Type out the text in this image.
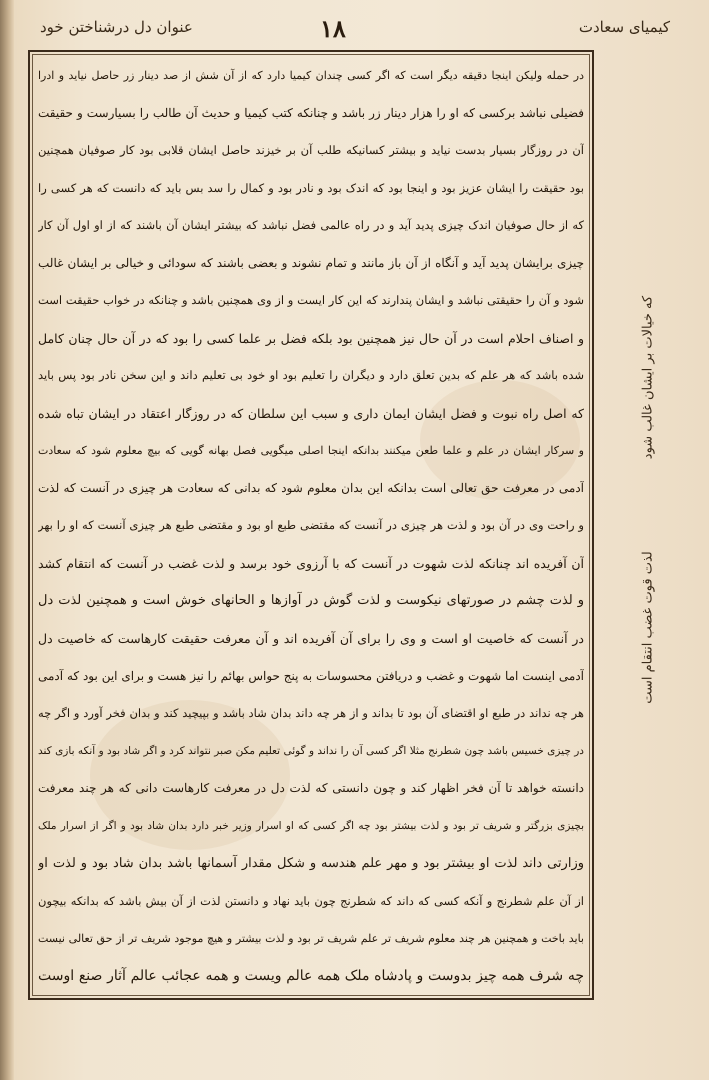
عنوان دل درشناختن خود	۱۸	کیمیای سعادت
در حمله ولیکن اینجا دقیقه دیگر است که اگر کسی چندان کیمیا دارد که از آن شش از صد دینار زر حاصل نیاید و ادرا
فضیلی نباشد برکسی که او را هزار دینار زر باشد و چنانکه کتب کیمیا و حدیث آن طالب را بسیارست و حقیقت
آن در روزگار بسیار بدست نیاید و بیشتر کسانیکه طلب آن بر خیزند حاصل ایشان قلابی بود کار صوفیان همچنین
بود حقیقت را ایشان عزیز بود و اینجا بود که اندک بود و نادر بود و کمال را سد بس باید که دانست که هر کسی را
که از حال صوفیان اندک چیزی پدید آید و در راه عالمی فضل نباشد که بیشتر ایشان آن باشند که از او اول آن کار
چیزی برایشان پدید آید و آنگاه از آن باز مانند و تمام نشوند و بعضی باشند که سودائی و خیالی بر ایشان غالب
شود و آن را حقیقتی نباشد و ایشان پندارند که این کار ایست و از وی همچنین باشد و چنانکه در خواب حقیقت است
و اصناف احلام است در آن حال نیز همچنین بود بلکه فضل بر علما کسی را بود که در آن حال چنان کامل
شده باشد که هر علم که بدین تعلق دارد و دیگران را تعلیم بود او خود بی تعلیم داند و این سخن نادر بود پس باید
که اصل راه نبوت و فضل ایشان ایمان داری و سبب این سلطان که در روزگار اعتقاد در ایشان تباه شده
و سرکار ایشان در علم و علما طعن میکنند بدانکه اینجا اصلی میگویی فصل بهانه گویی که بیچ معلوم شود که سعادت
آدمی در معرفت حق تعالی است بدانکه این بدان معلوم شود که بدانی که سعادت هر چیزی در آنست که لذت
و راحت وی در آن بود و لذت هر چیزی در آنست که مقتضی طبع او بود و مقتضی طبع هر چیزی آنست که او را بهر
آن آفریده اند چنانکه لذت شهوت در آنست که با آرزوی خود برسد و لذت غضب در آنست که انتقام کشد
و لذت چشم در صورتهای نیکوست و لذت گوش در آوازها و الحانهای خوش است و همچنین لذت دل
در آنست که خاصیت او است و وی را برای آن آفریده اند و آن معرفت حقیقت کارهاست که خاصیت دل
آدمی اینست اما شهوت و غضب و دریافتن محسوسات به پنج حواس بهائم را نیز هست و برای این بود که آدمی
هر چه نداند در طبع او اقتضای آن بود تا بداند و از هر چه داند بدان شاد باشد و بپیچید کند و بدان فخر آورد و اگر چه
در چیزی خسیس باشد چون شطرنج مثلا اگر کسی آن را نداند و گوئی تعلیم مکن صبر نتواند کرد و اگر شاد بود و آنکه بازی کند
دانسته خواهد تا آن فخر اظهار کند و چون دانستی که لذت دل در معرفت کارهاست دانی که هر چند معرفت
بچیزی بزرگتر و شریف تر بود و لذت بیشتر بود چه اگر کسی که او اسرار وزیر خبر دارد بدان شاد بود و اگر از اسرار ملک
وزارتی داند لذت او بیشتر بود و مهر علم هندسه و شکل مقدار آسمانها باشد بدان شاد بود و لذت او
از آن علم شطرنج و آنکه کسی که داند که شطرنج چون باید نهاد و دانستن لذت از آن بیش باشد که بدانکه بیچون
باید باخت و همچنین هر چند معلوم شریف تر علم شریف تر بود و لذت بیشتر و هیچ موجود شریف تر از حق تعالی نیست
چه شرف همه چیز بدوست و پادشاه ملک همه عالم ویست و همه عجائب عالم آثار صنع اوست
که خیالات بر ایشان غالب شود
لذت قوت غضب انتقام است
